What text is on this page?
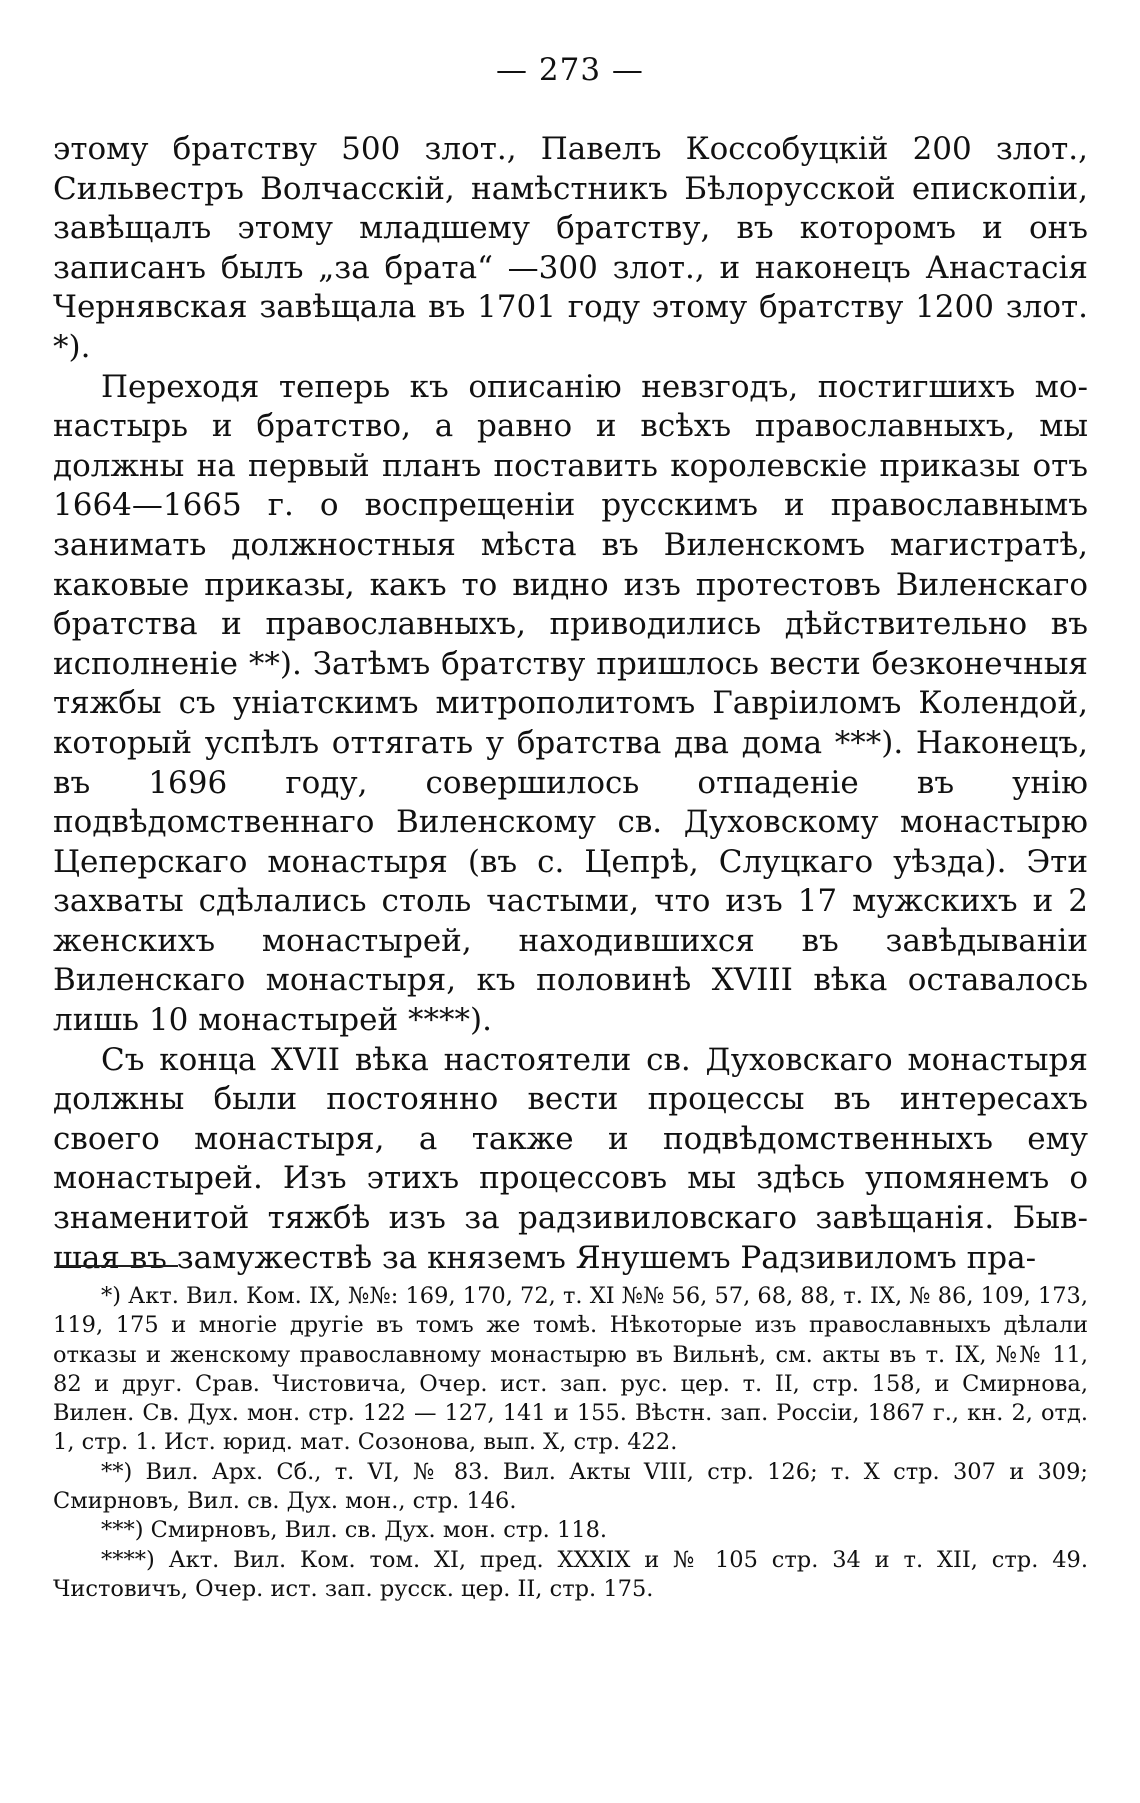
— 273 —

этому братству 500 злот., Павелъ Коссобуцкій 200 злот., Сильвестръ Волчасскій, намѣстникъ Бѣлорусской епископіи, завѣщалъ этому младшему братству, въ которомъ и онъ записанъ былъ „за брата“ —300 злот., и наконецъ Анастасія Чернявская завѣщала въ 1701 году этому братству 1200 злот. *).

Переходя теперь къ описанію невзгодъ, постигшихъ монастырь и братство, а равно и всѣхъ православныхъ, мы должны на первый планъ поставить королевскіе приказы отъ 1664—1665 г. о воспрещеніи русскимъ и православнымъ занимать должностныя мѣста въ Виленскомъ магистратѣ, каковые приказы, какъ то видно изъ протестовъ Виленскаго братства и православныхъ, приводились дѣйствительно въ исполненіе **). Затѣмъ братству пришлось вести безконечныя тяжбы съ уніатскимъ митрополитомъ Гавріиломъ Колендой, который успѣлъ оттягать у братства два дома ***). Наконецъ, въ 1696 году, совершилось отпаденіе въ унію подвѣдомственнаго Виленскому св. Духовскому монастырю Цеперскаго монастыря (въ с. Цепрѣ, Слуцкаго уѣзда). Эти захваты сдѣлались столь частыми, что изъ 17 мужскихъ и 2 женскихъ монастырей, находившихся въ завѣдываніи Виленскаго монастыря, къ половинѣ XVIII вѣка оставалось лишь 10 монастырей ****).

Съ конца XVII вѣка настоятели св. Духовскаго монастыря должны были постоянно вести процессы въ интересахъ своего монастыря, а также и подвѣдомственныхъ ему монастырей. Изъ этихъ процессовъ мы здѣсь упомянемъ о знаменитой тяжбѣ изъ за радзивиловскаго завѣщанія. Бывшая въ замужествѣ за княземъ Янушемъ Радзивиломъ пра-

*) Акт. Вил. Ком. IX, №№: 169, 170, 72, т. XI №№ 56, 57, 68, 88, т. IX, № 86, 109, 173, 119, 175 и многіе другіе въ томъ же томѣ. Нѣкоторые изъ православныхъ дѣлали отказы и женскому православному монастырю въ Вильнѣ, см. акты въ т. IX, №№ 11, 82 и друг. Срав. Чистовича, Очер. ист. зап. рус. цер. т. II, стр. 158, и Смирнова, Вилен. Св. Дух. мон. стр. 122 — 127, 141 и 155. Вѣстн. зап. Россіи, 1867 г., кн. 2, отд. 1, стр. 1. Ист. юрид. мат. Созонова, вып. X, стр. 422.

**) Вил. Арх. Сб., т. VI, № 83. Вил. Акты VIII, стр. 126; т. X стр. 307 и 309; Смирновъ, Вил. св. Дух. мон., стр. 146.

***) Смирновъ, Вил. св. Дух. мон. стр. 118.

****) Акт. Вил. Ком. том. XI, пред. XXXIX и № 105 стр. 34 и т. XII, стр. 49. Чистовичъ, Очер. ист. зап. русск. цер. II, стр. 175.
